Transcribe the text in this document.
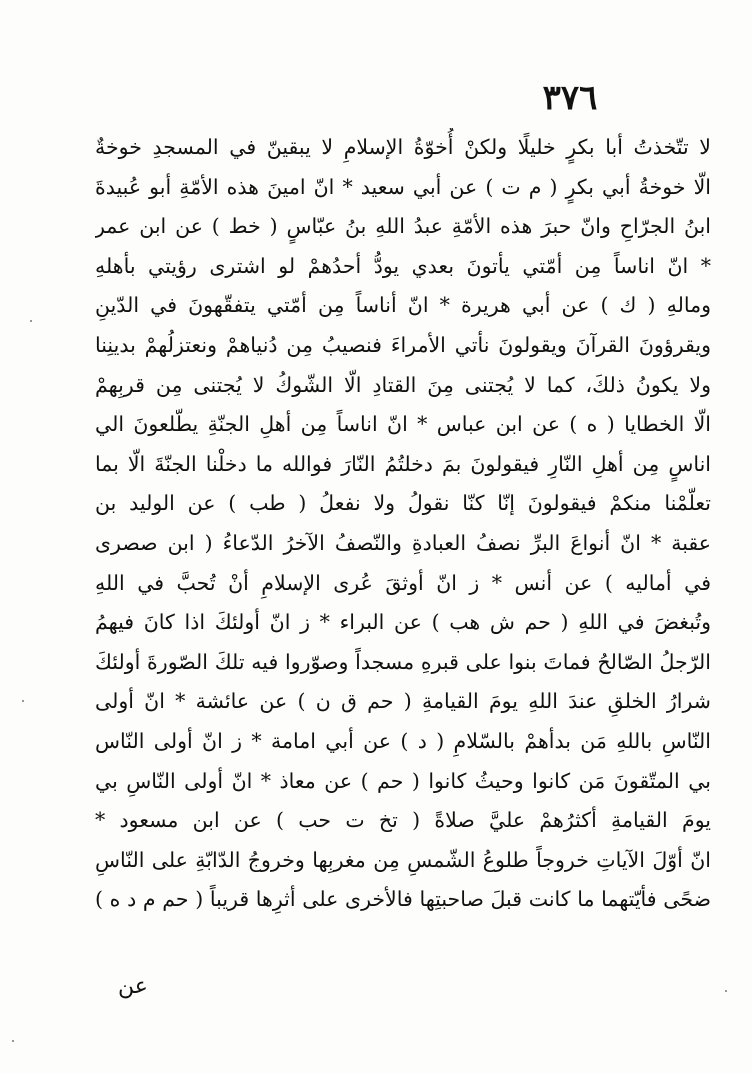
٣٧٦
لا تتّخذتُ أبا بكرٍ خليلًا ولكنْ أُخوّةُ الإسلامِ لا يبقينّ في المسجدِ خوخةٌ
الّا خوخةُ أبي بكرٍ ( م ت ) عن أبي سعيد * انّ امينَ هذه الأمّةِ أبو عُبيدةَ
ابنُ الجرّاحِ وانّ حبرَ هذه الأمّةِ عبدُ اللهِ بنُ عبّاسٍ ( خط ) عن ابن عمر
* انّ اناساً مِن أمّتي يأتونَ بعدي يودُّ أحدُهمْ لو اشترى رؤيتي بأهلهِ
ومالهِ ( ك ) عن أبي هريرة * انّ أناساً مِن أمّتي يتفقّهونَ في الدّينِ
ويقرؤونَ القرآنَ ويقولونَ نأتي الأمراءَ فنصيبُ مِن دُنياهمْ ونعتزلُهمْ بدينِنا
ولا يكونُ ذلكَ، كما لا يُجتنى مِنَ القتادِ الّا الشّوكُ لا يُجتنى مِن قربِهمْ
الّا الخطايا ( ه ) عن ابن عباس * انّ اناساً مِن أهلِ الجنّةِ يطّلعونَ الي
اناسٍ مِن أهلِ النّارِ فيقولونَ بمَ دخلتُمُ النّارَ فوالله ما دخلْنا الجنّةَ الّا بما
تعلّمْنا منكمْ فيقولونَ إنّا كنّا نقولُ ولا نفعلُ ( طب ) عن الوليد بن
عقبة * انّ أنواعَ البرِّ نصفُ العبادةِ والنّصفُ الآخرُ الدّعاءُ ( ابن صصرى
في أماليه ) عن أنس * ز انّ أوثقَ عُرى الإسلامِ أنْ تُحبَّ في اللهِ
وتُبغضَ في اللهِ ( حم ش هب ) عن البراء * ز انّ أولئكَ اذا كانَ فيهمُ
الرّجلُ الصّالحُ فماتَ بنوا على قبرهِ مسجداً وصوّروا فيه تلكَ الصّورةَ أولئكَ
شرارُ الخلقِ عندَ اللهِ يومَ القيامةِ ( حم ق ن ) عن عائشة * انّ أولى
النّاسِ باللهِ مَن بدأهمْ بالسّلامِ ( د ) عن أبي امامة * ز انّ أولى النّاس
بي المتّقونَ مَن كانوا وحيثُ كانوا ( حم ) عن معاذ * انّ أولى النّاسِ بي
يومَ القيامةِ أكثرُهمْ عليَّ صلاةً ( تخ ت حب ) عن ابن مسعود *
انّ أوّلَ الآياتِ خروجاً طلوعُ الشّمسِ مِن مغربِها وخروجُ الدّابّةِ على النّاسِ
ضحًى فأيّتهما ما كانت قبلَ صاحبتِها فالأخرى على أثرِها قريباً ( حم م د ه )
عن
